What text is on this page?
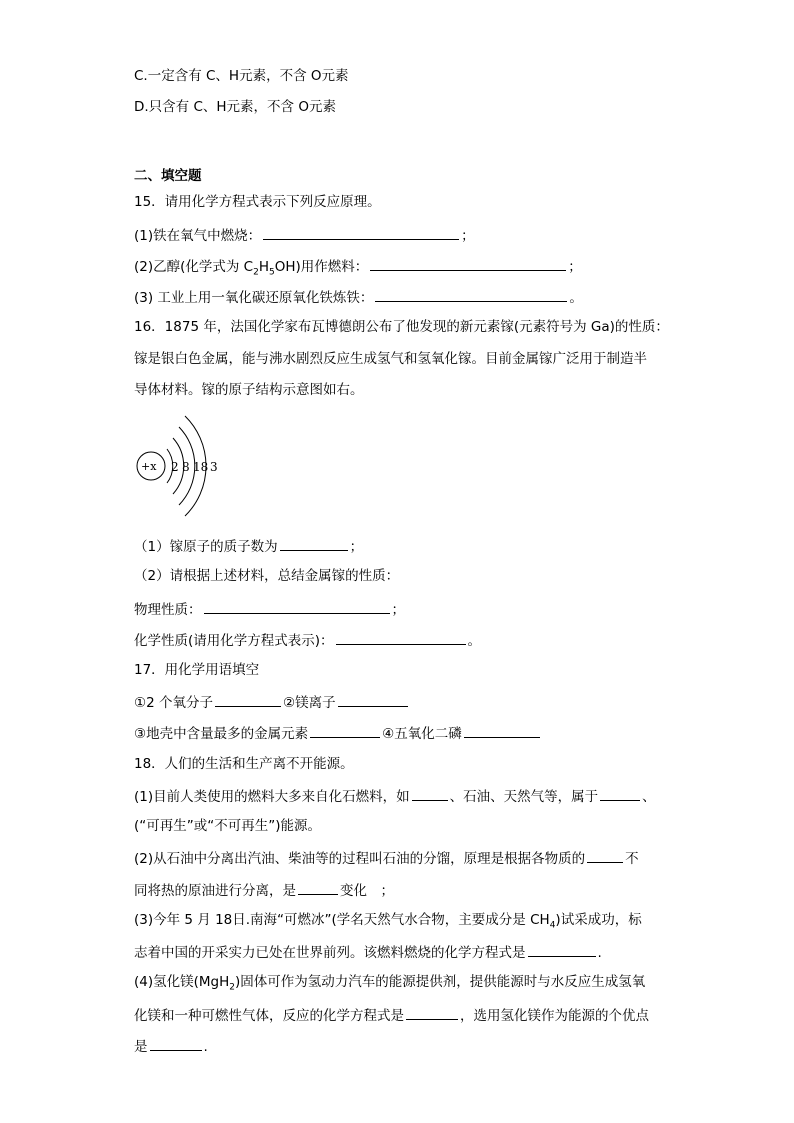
C.一定含有 C、H元素，不含 O元素
D.只含有 C、H元素，不含 O元素
二、填空题
15．请用化学方程式表示下列反应原理。
(1)铁在氧气中燃烧：	；
(2)乙醇(化学式为 $C_2H_5OH$)用作燃料：	；
(3) 工业上用一氧化碳还原氧化铁炼铁：	。
16．1875 年，法国化学家布瓦博德朗公布了他发现的新元素镓(元素符号为 Ga)的性质：
镓是银白色金属，能与沸水剧烈反应生成氢气和氢氧化镓。目前金属镓广泛用于制造半
导体材料。镓的原子结构示意图如右。
+x 2 8 18 3
（1）镓原子的质子数为	；
（2）请根据上述材料，总结金属镓的性质：
物理性质：	；
化学性质(请用化学方程式表示)：	。
17．用化学用语填空
①2 个氧分子	②镁离子
③地壳中含量最多的金属元素	④五氧化二磷
18．人们的生活和生产离不开能源。
(1)目前人类使用的燃料大多来自化石燃料，如	、石油、天然气等，属于	、
(“可再生”或“不可再生”)能源。
(2)从石油中分离出汽油、柴油等的过程叫石油的分馏，原理是根据各物质的	不
同将热的原油进行分离，是	变化　；
(3)今年 5 月 18日.南海“可燃冰”(学名天然气水合物，主要成分是 $CH_4$)试采成功，标
志着中国的开采实力已处在世界前列。该燃料燃烧的化学方程式是	.
(4)氢化镁(MgH$_2$)固体可作为氢动力汽车的能源提供剂，提供能源时与水反应生成氢氧
化镁和一种可燃性气体，反应的化学方程式是	，选用氢化镁作为能源的个优点
是	.
